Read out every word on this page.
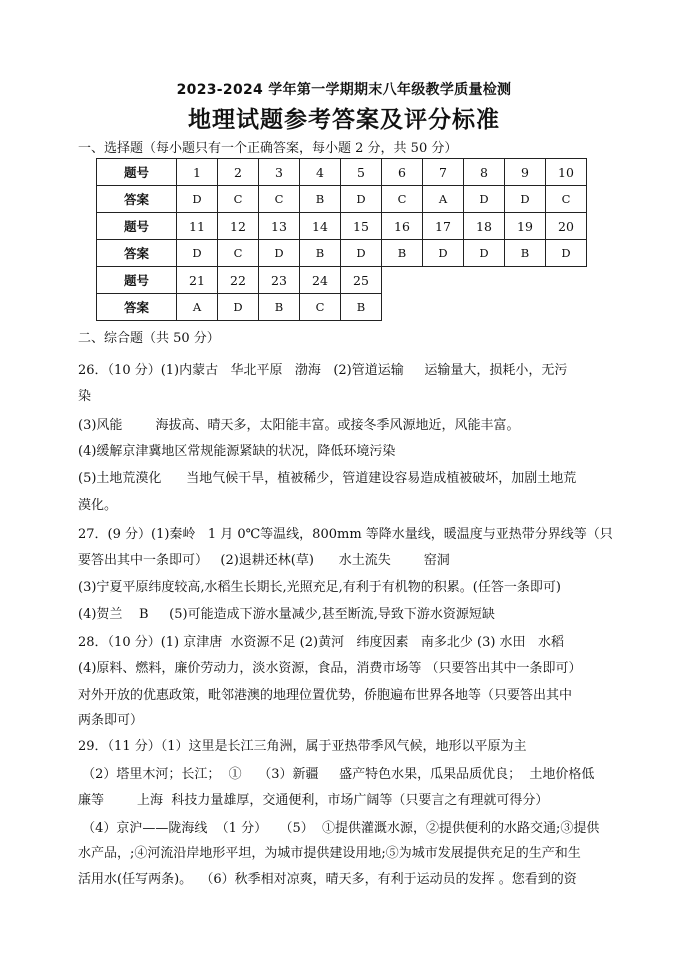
2023-2024 学年第一学期期末八年级教学质量检测
地理试题参考答案及评分标准
一、选择题（每小题只有一个正确答案，每小题 2 分，共 50 分）
题号	1	2	3	4	5	6	7	8	9	10
答案	D	C	C	B	D	C	A	D	D	C
题号	11	12	13	14	15	16	17	18	19	20
答案	D	C	D	B	D	B	D	D	B	D
题号	21	22	23	24	25					
答案	A	D	B	C	B					
二、综合题（共 50 分）
26．（10 分）(1)内蒙古   华北平原   渤海   (2)管道运输     运输量大，损耗小，无污
染
(3)风能        海拔高、晴天多，太阳能丰富。或接冬季风源地近，风能丰富。
(4)缓解京津冀地区常规能源紧缺的状况，降低环境污染
(5)土地荒漠化      当地气候干旱，植被稀少，管道建设容易造成植被破坏，加剧土地荒
漠化。
27．(9 分）(1)秦岭   1 月 0℃等温线，800mm 等降水量线，暖温度与亚热带分界线等（只
要答出其中一条即可）   (2)退耕还林(草)      水土流失        窑洞
(3)宁夏平原纬度较高,水稻生长期长,光照充足,有利于有机物的积累。(任答一条即可)
(4)贺兰    B     (5)可能造成下游水量减少,甚至断流,导致下游水资源短缺
28．（10 分）(1) 京津唐  水资源不足 (2)黄河   纬度因素   南多北少 (3) 水田   水稻
(4)原料、燃料，廉价劳动力，淡水资源，食品，消费市场等 （只要答出其中一条即可）
对外开放的优惠政策，毗邻港澳的地理位置优势，侨胞遍布世界各地等（只要答出其中
两条即可）
29．（11 分）（1）这里是长江三角洲，属于亚热带季风气候，地形以平原为主
（2）塔里木河；长江；  ①    （3）新疆     盛产特色水果，瓜果品质优良；  土地价格低
廉等        上海  科技力量雄厚，交通便利，市场广阔等（只要言之有理就可得分）
（4）京沪——陇海线  （1 分）   （5）  ①提供灌溉水源，②提供便利的水路交通;③提供
水产品，;④河流沿岸地形平坦，为城市提供建设用地;⑤为城市发展提供充足的生产和生
活用水(任写两条)。  （6）秋季相对凉爽，晴天多，有利于运动员的发挥 。您看到的资
